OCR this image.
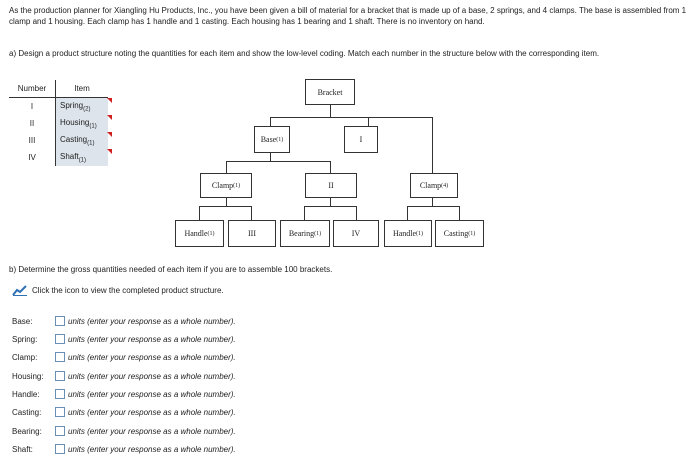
As the production planner for Xiangling Hu Products, Inc., you have been given a bill of material for a bracket that is made up of a base, 2 springs, and 4 clamps. The base is assembled from 1 clamp and 1 housing. Each clamp has 1 handle and 1 casting. Each housing has 1 bearing and 1 shaft. There is no inventory on hand.
a) Design a product structure noting the quantities for each item and show the low-level coding. Match each number in the structure below with the corresponding item.
Number	Item
I	Spring$_{(2)}$

II	Housing$_{(1)}$

III	Casting$_{(1)}$

IV	Shaft$_{(1)}$
Bracket
Base (1)	I
Clamp (1)	II	Clamp (4)
Handle (1)	III	Bearing (1)	IV	Handle (1)	Casting (1)
b) Determine the gross quantities needed of each item if you are to assemble 100 brackets.
Click the icon to view the completed product structure.
Base:	units (enter your response as a whole number).
Spring:	units (enter your response as a whole number).
Clamp:	units (enter your response as a whole number).
Housing:	units (enter your response as a whole number).
Handle:	units (enter your response as a whole number).
Casting:	units (enter your response as a whole number).
Bearing:	units (enter your response as a whole number).
Shaft:	units (enter your response as a whole number).
